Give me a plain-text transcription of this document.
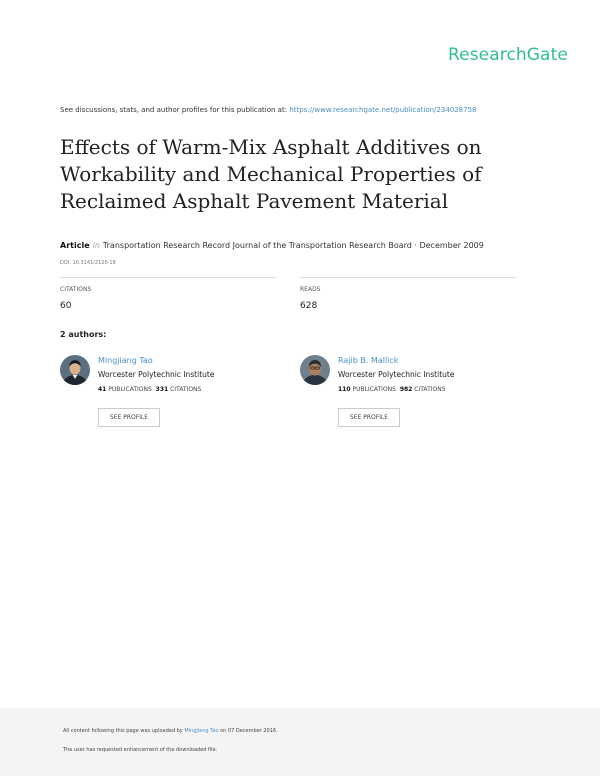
ResearchGate
See discussions, stats, and author profiles for this publication at: https://www.researchgate.net/publication/234028758
Effects of Warm-Mix Asphalt Additives on
Workability and Mechanical Properties of
Reclaimed Asphalt Pavement Material
Article in Transportation Research Record Journal of the Transportation Research Board · December 2009
DOI: 10.3141/2126-18
CITATIONS
60
READS
628
2 authors:
Mingjiang Tao
Worcester Polytechnic Institute
41 PUBLICATIONS 331 CITATIONS
SEE PROFILE
Rajib B. Mallick
Worcester Polytechnic Institute
110 PUBLICATIONS 982 CITATIONS
SEE PROFILE
All content following this page was uploaded by Mingjiang Tao on 07 December 2016.
The user has requested enhancement of the downloaded file.
